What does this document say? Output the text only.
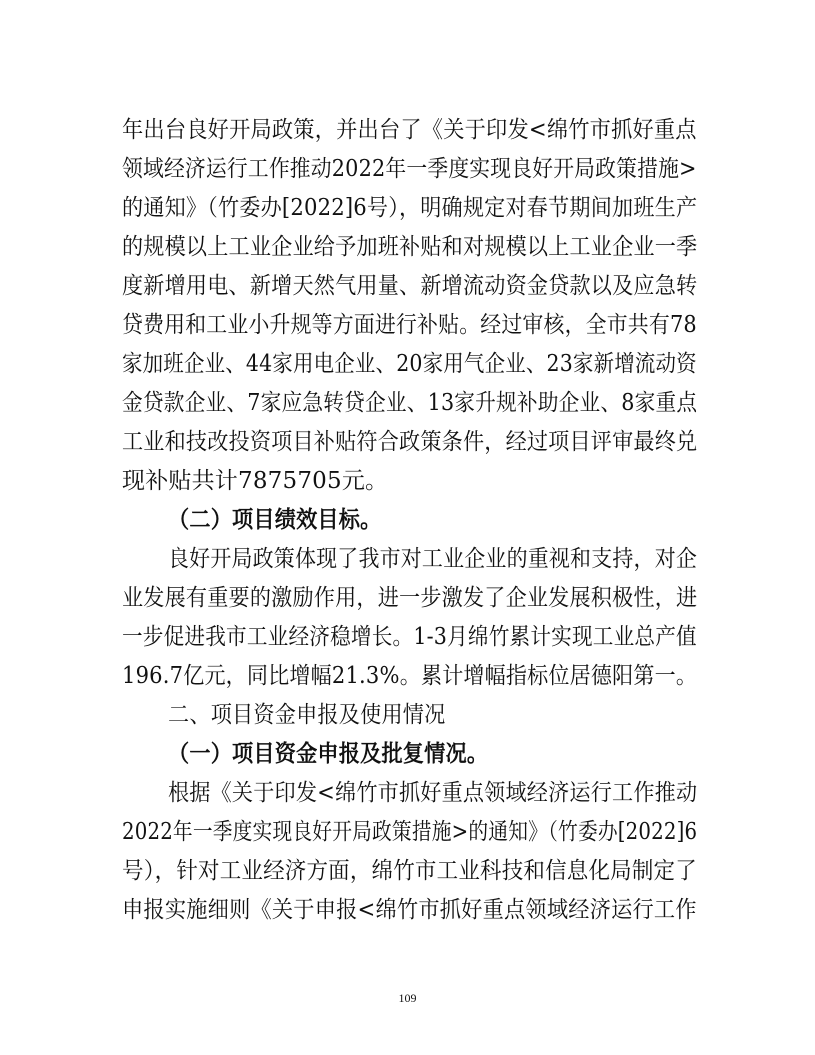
年出台良好开局政策，并出台了《关于印发<绵竹市抓好重点
领域经济运行工作推动2022年一季度实现良好开局政策措施>
的通知》（竹委办[2022]6号），明确规定对春节期间加班生产
的规模以上工业企业给予加班补贴和对规模以上工业企业一季
度新增用电、新增天然气用量、新增流动资金贷款以及应急转
贷费用和工业小升规等方面进行补贴。经过审核，全市共有78
家加班企业、44家用电企业、20家用气企业、23家新增流动资
金贷款企业、7家应急转贷企业、13家升规补助企业、8家重点
工业和技改投资项目补贴符合政策条件，经过项目评审最终兑
现补贴共计7875705元。
（二）项目绩效目标。
良好开局政策体现了我市对工业企业的重视和支持，对企
业发展有重要的激励作用，进一步激发了企业发展积极性，进
一步促进我市工业经济稳增长。1-3月绵竹累计实现工业总产值
196.7亿元，同比增幅21.3%。累计增幅指标位居德阳第一。
二、项目资金申报及使用情况
（一）项目资金申报及批复情况。
根据《关于印发<绵竹市抓好重点领域经济运行工作推动
2022年一季度实现良好开局政策措施>的通知》（竹委办[2022]6
号），针对工业经济方面，绵竹市工业科技和信息化局制定了
申报实施细则《关于申报<绵竹市抓好重点领域经济运行工作
109
